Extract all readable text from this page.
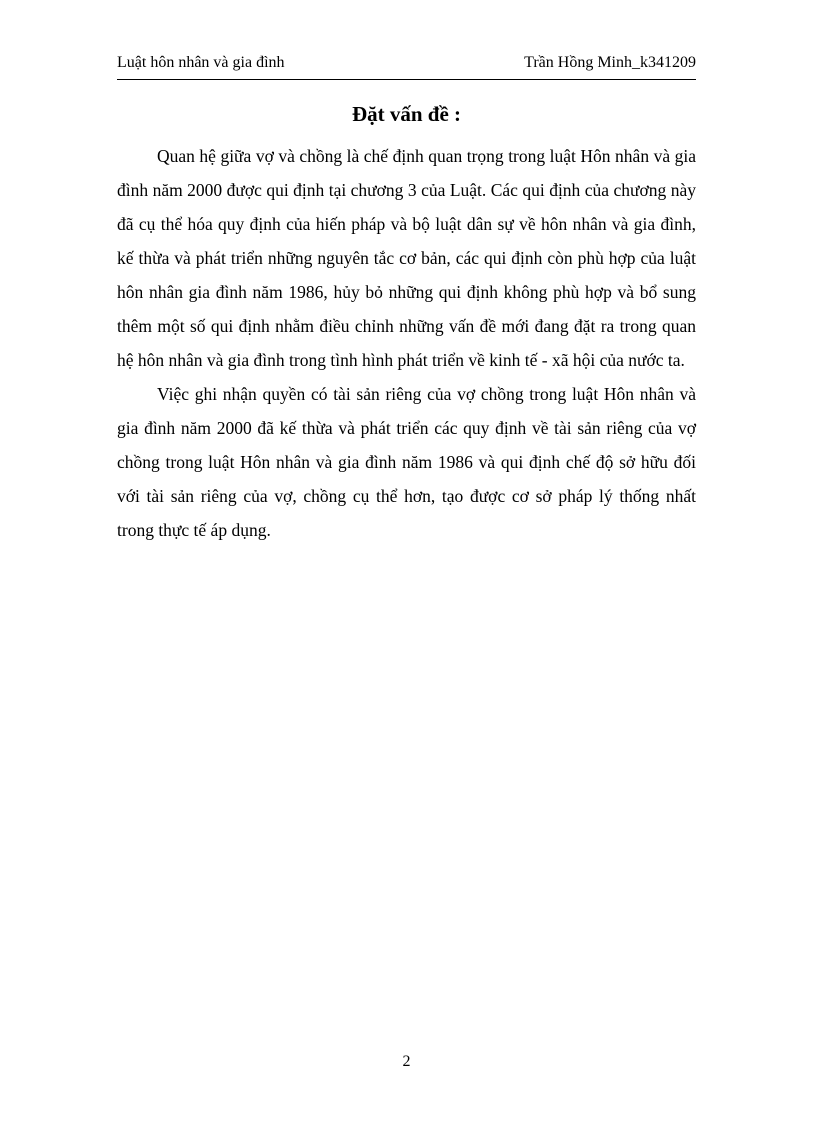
Luật hôn nhân và gia đình	Trần Hồng Minh_k341209
Đặt vấn đề :

Quan hệ giữa vợ và chồng là chế định quan trọng trong luật Hôn nhân và gia đình năm 2000 được qui định tại chương 3 của Luật. Các qui định của chương này đã cụ thể hóa quy định của hiến pháp và bộ luật dân sự về hôn nhân và gia đình, kế thừa và phát triển những nguyên tắc cơ bản, các qui định còn phù hợp của luật hôn nhân gia đình năm 1986, hủy bỏ những qui định không phù hợp và bổ sung thêm một số qui định nhằm điều chỉnh những vấn đề mới đang đặt ra trong quan hệ hôn nhân và gia đình trong tình hình phát triển về kinh tế - xã hội của nước ta.

Việc ghi nhận quyền có tài sản riêng của vợ chồng trong luật Hôn nhân và gia đình năm 2000 đã kế thừa và phát triển các quy định về tài sản riêng của vợ chồng trong luật Hôn nhân và gia đình năm 1986 và qui định chế độ sở hữu đối với tài sản riêng của vợ, chồng cụ thể hơn, tạo được cơ sở pháp lý thống nhất trong thực tế áp dụng.

2
